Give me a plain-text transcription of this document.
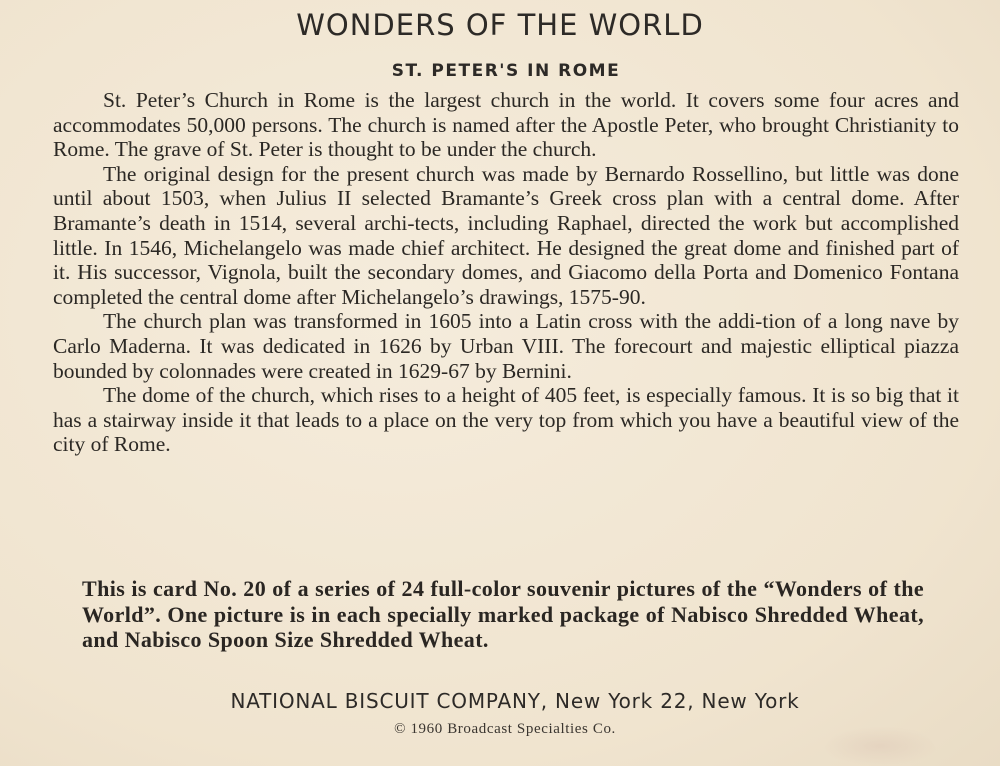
WONDERS OF THE WORLD
ST. PETER'S IN ROME

St. Peter’s Church in Rome is the largest church in the world. It covers some four acres and accommodates 50,000 persons. The church is named after the Apostle Peter, who brought Christianity to Rome. The grave of St. Peter is thought to be under the church.

The original design for the present church was made by Bernardo Rossellino, but little was done until about 1503, when Julius II selected Bramante’s Greek cross plan with a central dome. After Bramante’s death in 1514, several archi-tects, including Raphael, directed the work but accomplished little. In 1546, Michelangelo was made chief architect. He designed the great dome and finished part of it. His successor, Vignola, built the secondary domes, and Giacomo della Porta and Domenico Fontana completed the central dome after Michelangelo’s drawings, 1575-90.

The church plan was transformed in 1605 into a Latin cross with the addi-tion of a long nave by Carlo Maderna. It was dedicated in 1626 by Urban VIII. The forecourt and majestic elliptical piazza bounded by colonnades were created in 1629-67 by Bernini.

The dome of the church, which rises to a height of 405 feet, is especially famous. It is so big that it has a stairway inside it that leads to a place on the very top from which you have a beautiful view of the city of Rome.

This is card No. 20 of a series of 24 full-color souvenir pictures of the “Wonders of the World”. One picture is in each specially marked package of Nabisco Shredded Wheat, and Nabisco Spoon Size Shredded Wheat.
NATIONAL BISCUIT COMPANY, New York 22, New York
© 1960 Broadcast Specialties Co.
